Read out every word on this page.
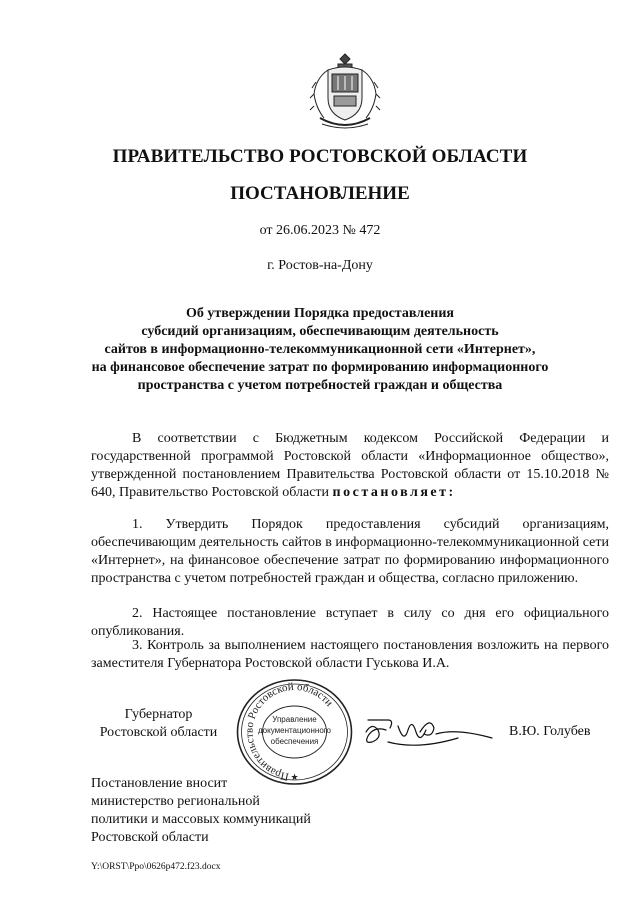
ПРАВИТЕЛЬСТВО РОСТОВСКОЙ ОБЛАСТИ
ПОСТАНОВЛЕНИЕ
от 26.06.2023 № 472
г. Ростов-на-Дону
Об утверждении Порядка предоставления
субсидий организациям, обеспечивающим деятельность
сайтов в информационно-телекоммуникационной сети «Интернет»,
на финансовое обеспечение затрат по формированию информационного
пространства с учетом потребностей граждан и общества

В соответствии с Бюджетным кодексом Российской Федерации и государственной программой Ростовской области «Информационное общество», утвержденной постановлением Правительства Ростовской области от 15.10.2018 № 640, Правительство Ростовской области постановляет:

1. Утвердить Порядок предоставления субсидий организациям, обеспечивающим деятельность сайтов в информационно-телекоммуникационной сети «Интернет», на финансовое обеспечение затрат по формированию информационного пространства с учетом потребностей граждан и общества, согласно приложению.

2. Настоящее постановление вступает в силу со дня его официального опубликования.

3. Контроль за выполнением настоящего постановления возложить на первого заместителя Губернатора Ростовской области Гуськова И.А.

Губернатор
Ростовской области
Правительство Ростовской области
Управление
документационного
обеспечения
★
В.Ю. Голубев
Постановление вносит
министерство региональной
политики и массовых коммуникаций
Ростовской области
Y:\ORST\Ppo\0626p472.f23.docx
